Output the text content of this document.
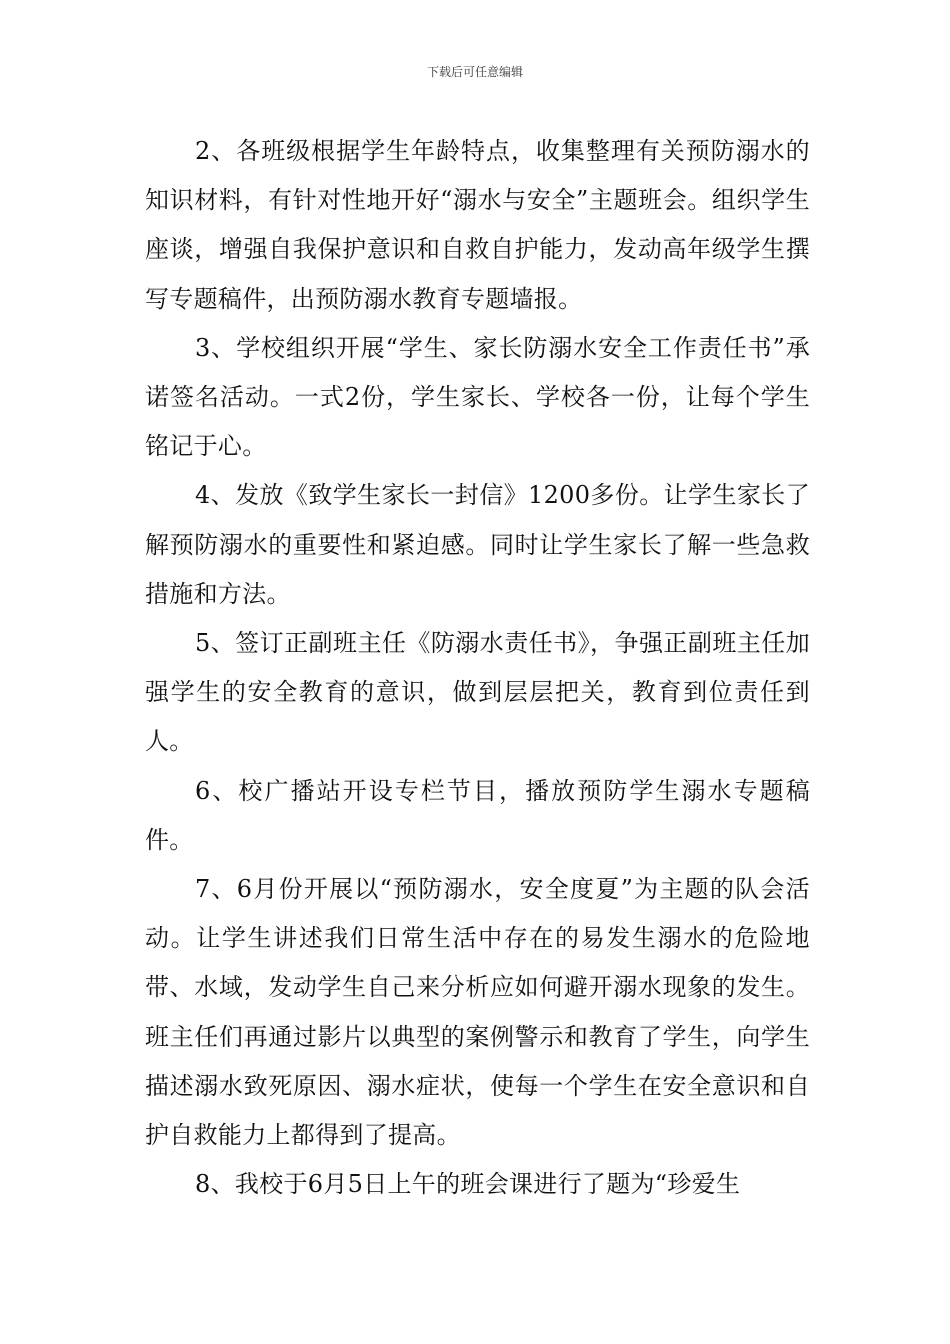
下载后可任意编辑

2、各班级根据学生年龄特点，收集整理有关预防溺水的知识材料，有针对性地开好“溺水与安全”主题班会。组织学生座谈，增强自我保护意识和自救自护能力，发动高年级学生撰写专题稿件，出预防溺水教育专题墙报。

3、学校组织开展“学生、家长防溺水安全工作责任书”承诺签名活动。一式2份，学生家长、学校各一份，让每个学生铭记于心。

4、发放《致学生家长一封信》1200多份。让学生家长了解预防溺水的重要性和紧迫感。同时让学生家长了解一些急救措施和方法。

5、签订正副班主任《防溺水责任书》，争强正副班主任加强学生的安全教育的意识，做到层层把关，教育到位责任到人。

6、校广播站开设专栏节目，播放预防学生溺水专题稿件。

7、6月份开展以“预防溺水，安全度夏”为主题的队会活动。让学生讲述我们日常生活中存在的易发生溺水的危险地带、水域，发动学生自己来分析应如何避开溺水现象的发生。班主任们再通过影片以典型的案例警示和教育了学生，向学生描述溺水致死原因、溺水症状，使每一个学生在安全意识和自护自救能力上都得到了提高。

8、我校于6月5日上午的班会课进行了题为“珍爱生
